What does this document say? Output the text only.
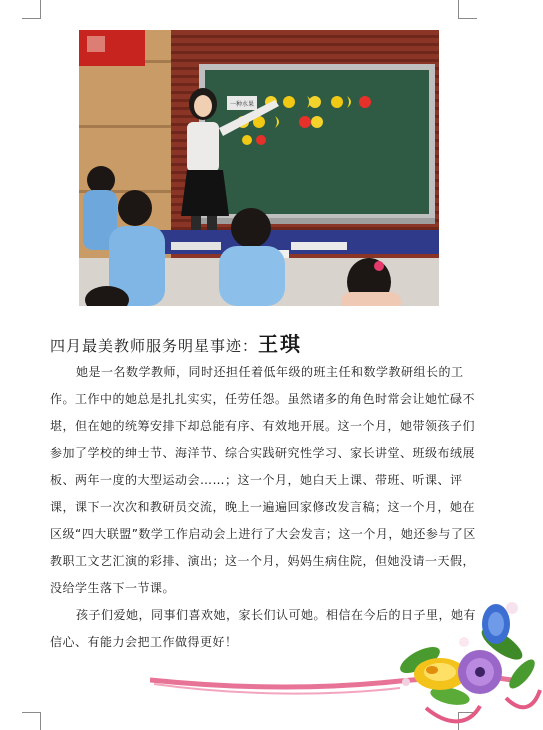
一种水果
四月最美教师服务明星事迹：王琪

她是一名数学教师，同时还担任着低年级的班主任和数学教研组长的工作。工作中的她总是扎扎实实，任劳任怨。虽然诸多的角色时常会让她忙碌不堪，但在她的统筹安排下却总能有序、有效地开展。这一个月，她带领孩子们参加了学校的绅士节、海洋节、综合实践研究性学习、家长讲堂、班级布绒展板、两年一度的大型运动会……；这一个月，她白天上课、带班、听课、评课，课下一次次和教研员交流，晚上一遍遍回家修改发言稿；这一个月，她在区级“四大联盟”数学工作启动会上进行了大会发言；这一个月，她还参与了区教职工文艺汇演的彩排、演出；这一个月，妈妈生病住院，但她没请一天假，没给学生落下一节课。

孩子们爱她，同事们喜欢她，家长们认可她。相信在今后的日子里，她有信心、有能力会把工作做得更好！
